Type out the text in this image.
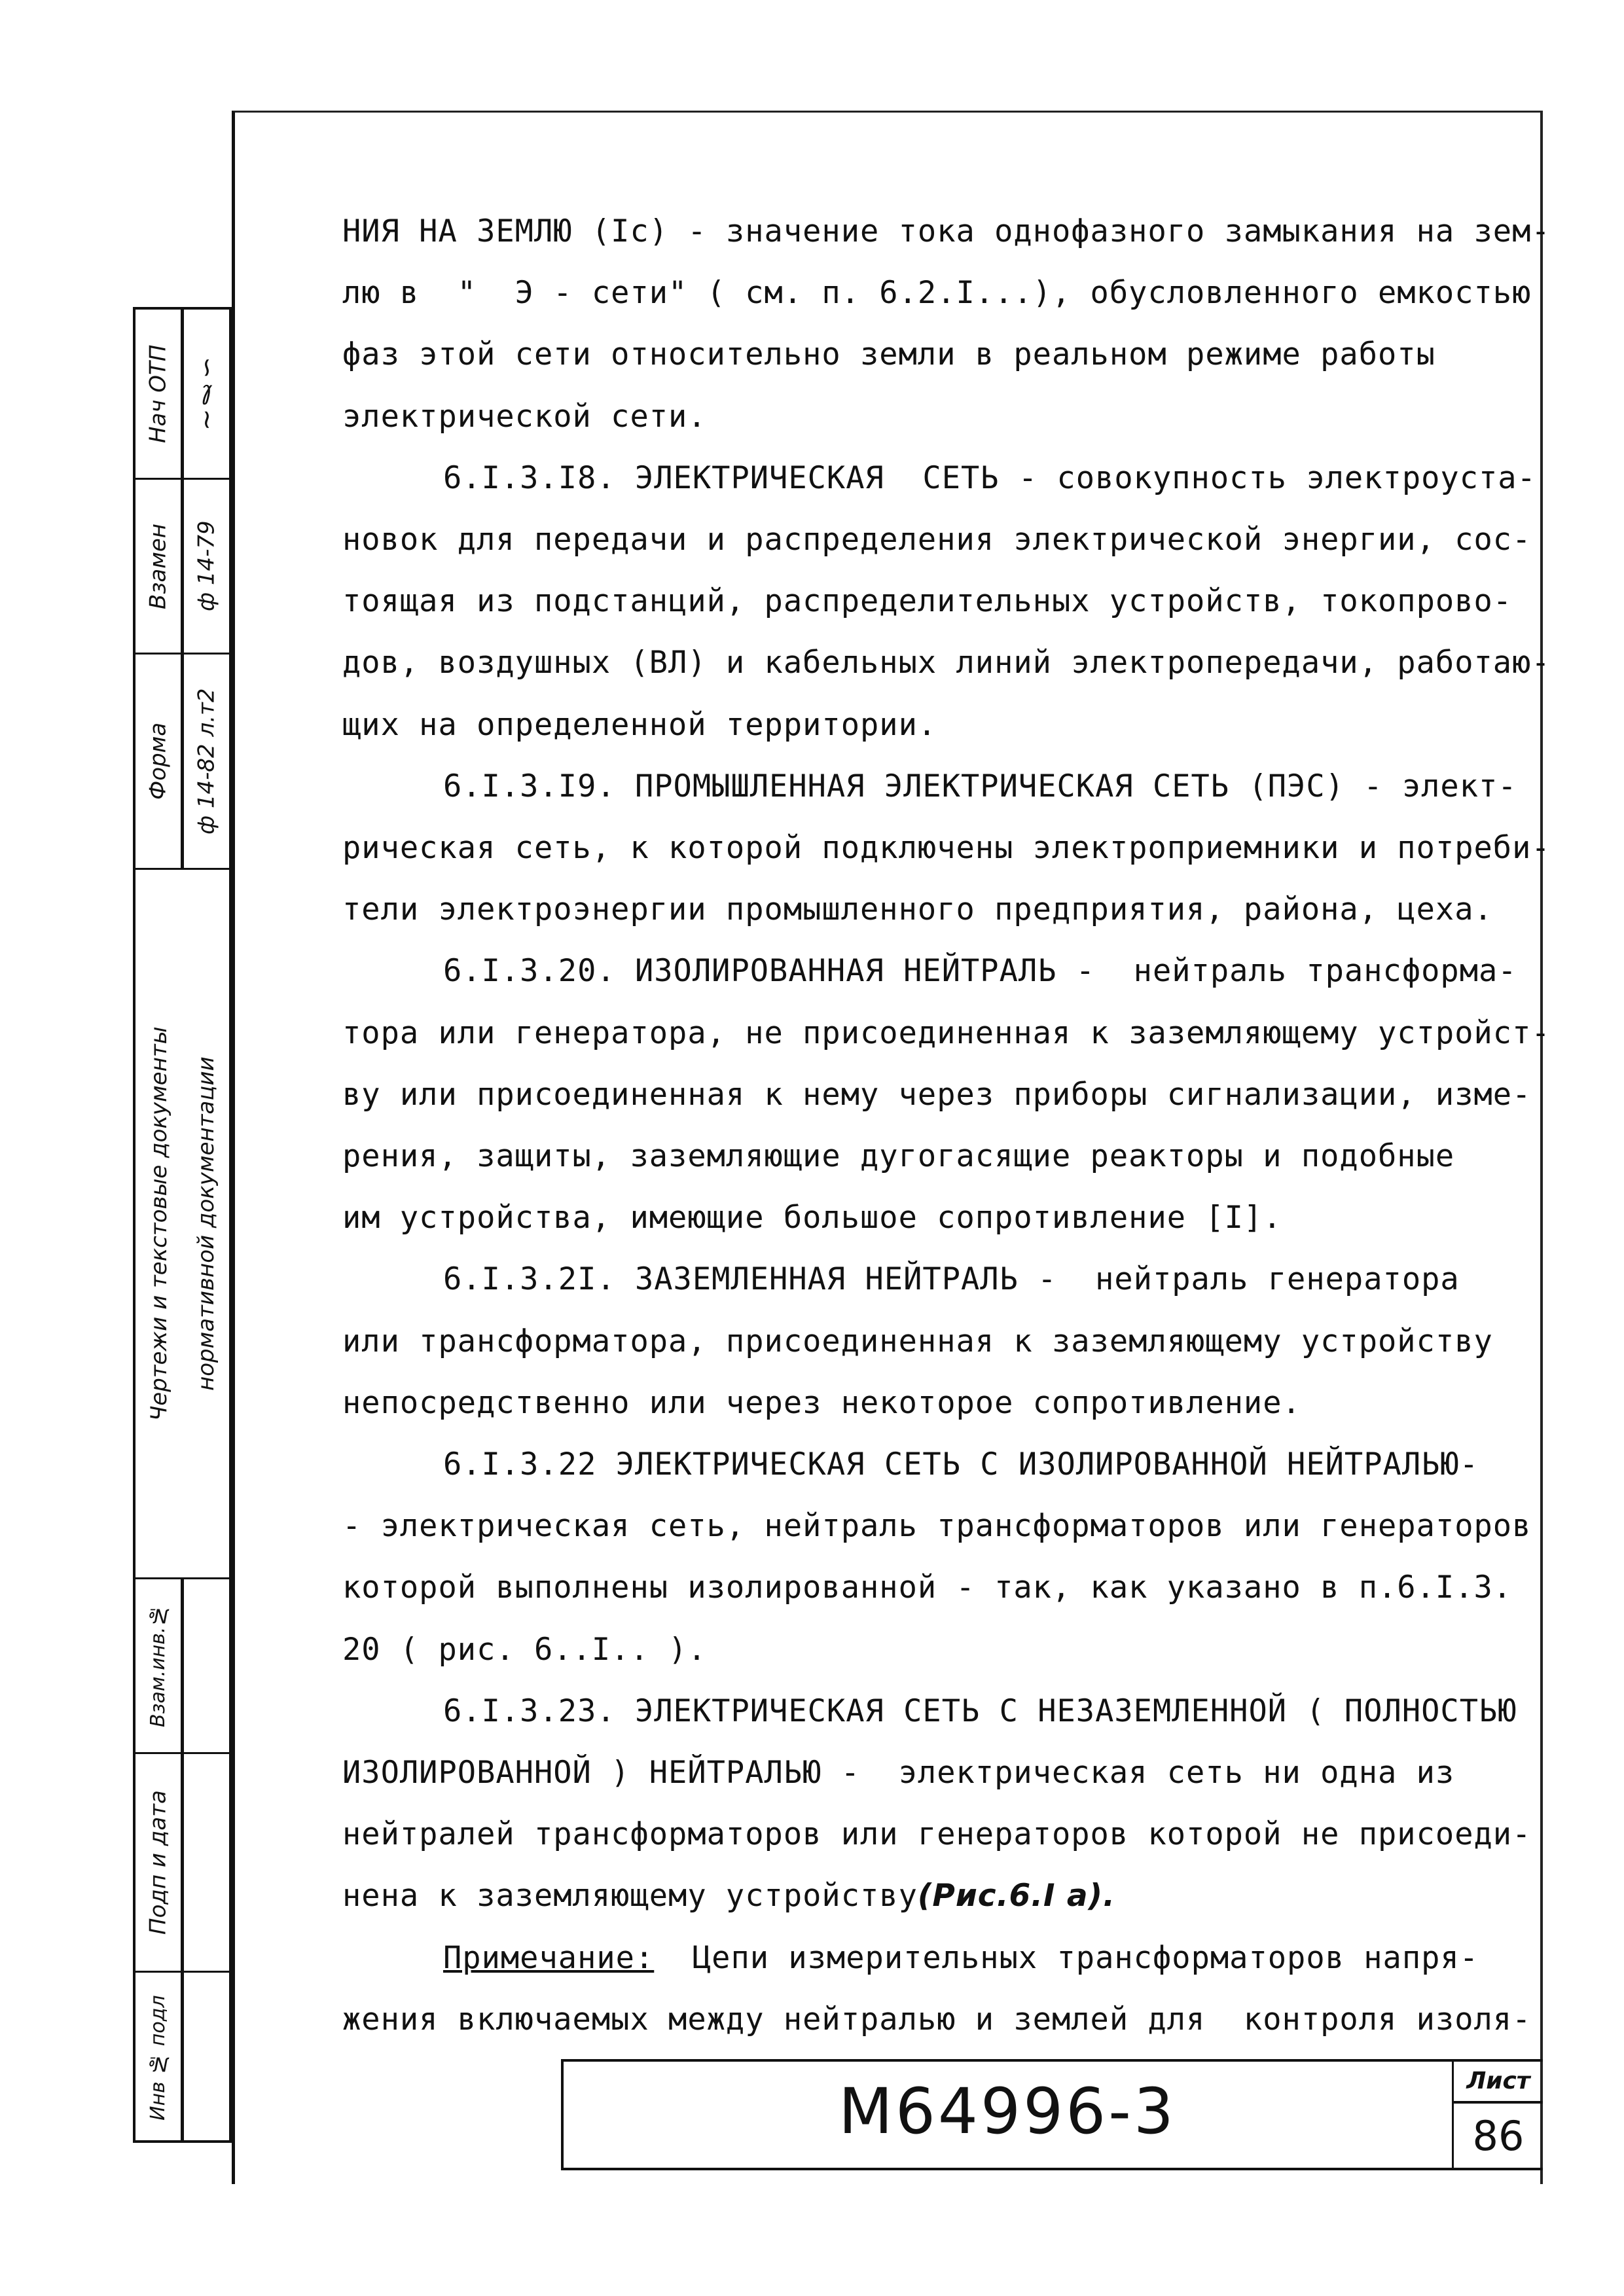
НИЯ НА ЗЕМЛЮ (Iс) - значение тока однофазного замыкания на зем-
лю в  "  Э - сети" ( см. п. 6.2.I...), обусловленного емкостью
фаз этой сети относительно земли в реальном режиме работы
электрической сети.
6.I.3.I8. ЭЛЕКТРИЧЕСКАЯ  СЕТЬ - совокупность электроуста-
новок для передачи и распределения электрической энергии, сос-
тоящая из подстанций, распределительных устройств, токопрово-
дов, воздушных (ВЛ) и кабельных линий электропередачи, работаю-
щих на определенной территории.
6.I.3.I9. ПРОМЫШЛЕННАЯ ЭЛЕКТРИЧЕСКАЯ СЕТЬ (ПЭС) - элект-
рическая сеть, к которой подключены электроприемники и потреби-
тели электроэнергии промышленного предприятия, района, цеха.
6.I.3.20. ИЗОЛИРОВАННАЯ НЕЙТРАЛЬ -  нейтраль трансформа-
тора или генератора, не присоединенная к заземляющему устройст-
ву или присоединенная к нему через приборы сигнализации, изме-
рения, защиты, заземляющие дугогасящие реакторы и подобные
им устройства, имеющие большое сопротивление [I].
6.I.3.2I. ЗАЗЕМЛЕННАЯ НЕЙТРАЛЬ -  нейтраль генератора
или трансформатора, присоединенная к заземляющему устройству
непосредственно или через некоторое сопротивление.
6.I.3.22 ЭЛЕКТРИЧЕСКАЯ СЕТЬ С ИЗОЛИРОВАННОЙ НЕЙТРАЛЬЮ-
- электрическая сеть, нейтраль трансформаторов или генераторов
которой выполнены изолированной - так, как указано в п.6.I.3.
20 ( рис. 6..I.. ).
6.I.3.23. ЭЛЕКТРИЧЕСКАЯ СЕТЬ С НЕЗАЗЕМЛЕННОЙ ( ПОЛНОСТЬЮ
ИЗОЛИРОВАННОЙ ) НЕЙТРАЛЬЮ -  электрическая сеть ни одна из
нейтралей трансформаторов или генераторов которой не присоеди-
нена к заземляющему устройству(Рис.6.I а).
Примечание:  Цепи измерительных трансформаторов напря-
жения включаемых между нейтралью и землей для  контроля изоля-
Нач ОТП ∼ℓ∽
Взамен	ф 14-79
Форма	ф 14-82 л.т2
Чертежи и текстовые документы нормативной документации
Взам.инв.№
Подп и дата
Инв № подл	М64996-3	Лист
86
